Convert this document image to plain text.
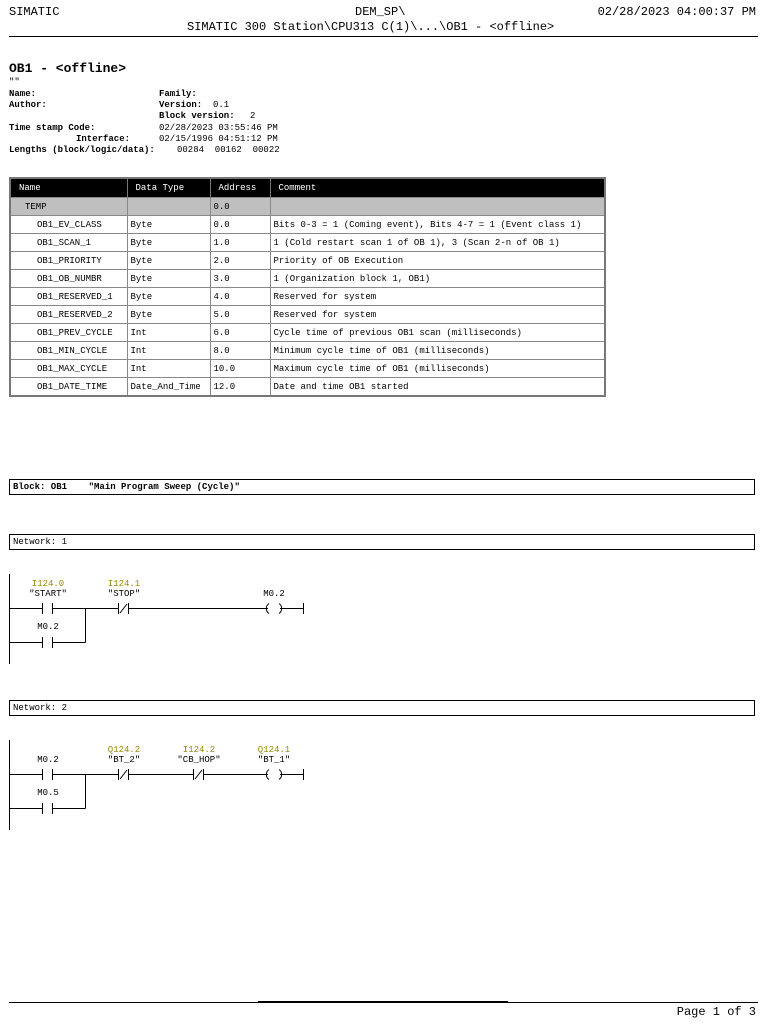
SIMATIC	DEM_SP\
SIMATIC 300 Station\CPU313 C(1)\...\OB1 - <offline>
02/28/2023 04:00:37 PM
OB1 - <offline>
""
Name:	Family:
Author:	Version: 0.1
Block version: 2
Time stamp Code:	02/28/2023 03:55:46 PM
Interface:	02/15/1996 04:51:12 PM
Lengths (block/logic/data): 00284  00162  00022
Name	Data Type	Address	Comment
TEMP		0.0	
OB1_EV_CLASS	Byte	0.0	Bits 0-3 = 1 (Coming event), Bits 4-7 = 1 (Event class 1)
OB1_SCAN_1	Byte	1.0	1 (Cold restart scan 1 of OB 1), 3 (Scan 2-n of OB 1)
OB1_PRIORITY	Byte	2.0	Priority of OB Execution
OB1_OB_NUMBR	Byte	3.0	1 (Organization block 1, OB1)
OB1_RESERVED_1	Byte	4.0	Reserved for system
OB1_RESERVED_2	Byte	5.0	Reserved for system
OB1_PREV_CYCLE	Int	6.0	Cycle time of previous OB1 scan (milliseconds)
OB1_MIN_CYCLE	Int	8.0	Minimum cycle time of OB1 (milliseconds)
OB1_MAX_CYCLE	Int	10.0	Maximum cycle time of OB1 (milliseconds)
OB1_DATE_TIME	Date_And_Time	12.0	Date and time OB1 started
Block: OB1 "Main Program Sweep (Cycle)"
Network: 1
I124.0
"START"
I124.1
"STOP"	M0.2
M0.2
Network: 2
M0.2
Q124.2
"BT_2"
I124.2
"CB_HOP"
Q124.1
"BT_1"
M0.5
Page 1 of 3
